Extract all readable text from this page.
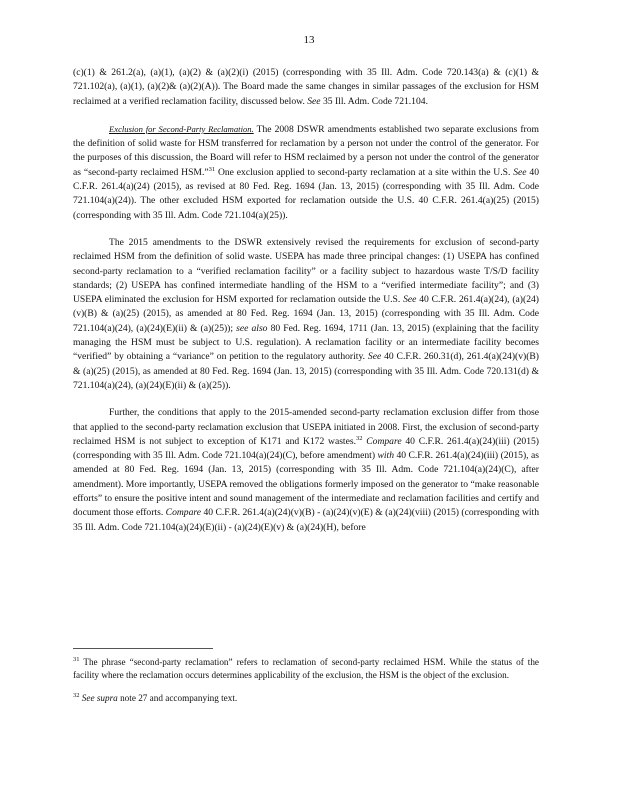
13

(c)(1) & 261.2(a), (a)(1), (a)(2) & (a)(2)(i) (2015) (corresponding with 35 Ill. Adm. Code 720.143(a) & (c)(1) & 721.102(a), (a)(1), (a)(2)& (a)(2)(A)). The Board made the same changes in similar passages of the exclusion for HSM reclaimed at a verified reclamation facility, discussed below. See 35 Ill. Adm. Code 721.104.

Exclusion for Second-Party Reclamation. The 2008 DSWR amendments established two separate exclusions from the definition of solid waste for HSM transferred for reclamation by a person not under the control of the generator. For the purposes of this discussion, the Board will refer to HSM reclaimed by a person not under the control of the generator as “second-party reclaimed HSM.”$^{31}$ One exclusion applied to second-party reclamation at a site within the U.S. See 40 C.F.R. 261.4(a)(24) (2015), as revised at 80 Fed. Reg. 1694 (Jan. 13, 2015) (corresponding with 35 Ill. Adm. Code 721.104(a)(24)). The other excluded HSM exported for reclamation outside the U.S. 40 C.F.R. 261.4(a)(25) (2015) (corresponding with 35 Ill. Adm. Code 721.104(a)(25)).

The 2015 amendments to the DSWR extensively revised the requirements for exclusion of second-party reclaimed HSM from the definition of solid waste. USEPA has made three principal changes: (1) USEPA has confined second-party reclamation to a “verified reclamation facility” or a facility subject to hazardous waste T/S/D facility standards; (2) USEPA has confined intermediate handling of the HSM to a “verified intermediate facility”; and (3) USEPA eliminated the exclusion for HSM exported for reclamation outside the U.S. See 40 C.F.R. 261.4(a)(24), (a)(24)(v)(B) & (a)(25) (2015), as amended at 80 Fed. Reg. 1694 (Jan. 13, 2015) (corresponding with 35 Ill. Adm. Code 721.104(a)(24), (a)(24)(E)(ii) & (a)(25)); see also 80 Fed. Reg. 1694, 1711 (Jan. 13, 2015) (explaining that the facility managing the HSM must be subject to U.S. regulation). A reclamation facility or an intermediate facility becomes “verified” by obtaining a “variance” on petition to the regulatory authority. See 40 C.F.R. 260.31(d), 261.4(a)(24)(v)(B) & (a)(25) (2015), as amended at 80 Fed. Reg. 1694 (Jan. 13, 2015) (corresponding with 35 Ill. Adm. Code 720.131(d) & 721.104(a)(24), (a)(24)(E)(ii) & (a)(25)).

Further, the conditions that apply to the 2015-amended second-party reclamation exclusion differ from those that applied to the second-party reclamation exclusion that USEPA initiated in 2008. First, the exclusion of second-party reclaimed HSM is not subject to exception of K171 and K172 wastes.$^{32}$ Compare 40 C.F.R. 261.4(a)(24)(iii) (2015) (corresponding with 35 Ill. Adm. Code 721.104(a)(24)(C), before amendment) with 40 C.F.R. 261.4(a)(24)(iii) (2015), as amended at 80 Fed. Reg. 1694 (Jan. 13, 2015) (corresponding with 35 Ill. Adm. Code 721.104(a)(24)(C), after amendment). More importantly, USEPA removed the obligations formerly imposed on the generator to “make reasonable efforts” to ensure the positive intent and sound management of the intermediate and reclamation facilities and certify and document those efforts. Compare 40 C.F.R. 261.4(a)(24)(v)(B) - (a)(24)(v)(E) & (a)(24)(viii) (2015) (corresponding with 35 Ill. Adm. Code 721.104(a)(24)(E)(ii) - (a)(24)(E)(v) & (a)(24)(H), before

$^{31}$ The phrase “second-party reclamation” refers to reclamation of second-party reclaimed HSM. While the status of the facility where the reclamation occurs determines applicability of the exclusion, the HSM is the object of the exclusion.

$^{32}$ See supra note 27 and accompanying text.
